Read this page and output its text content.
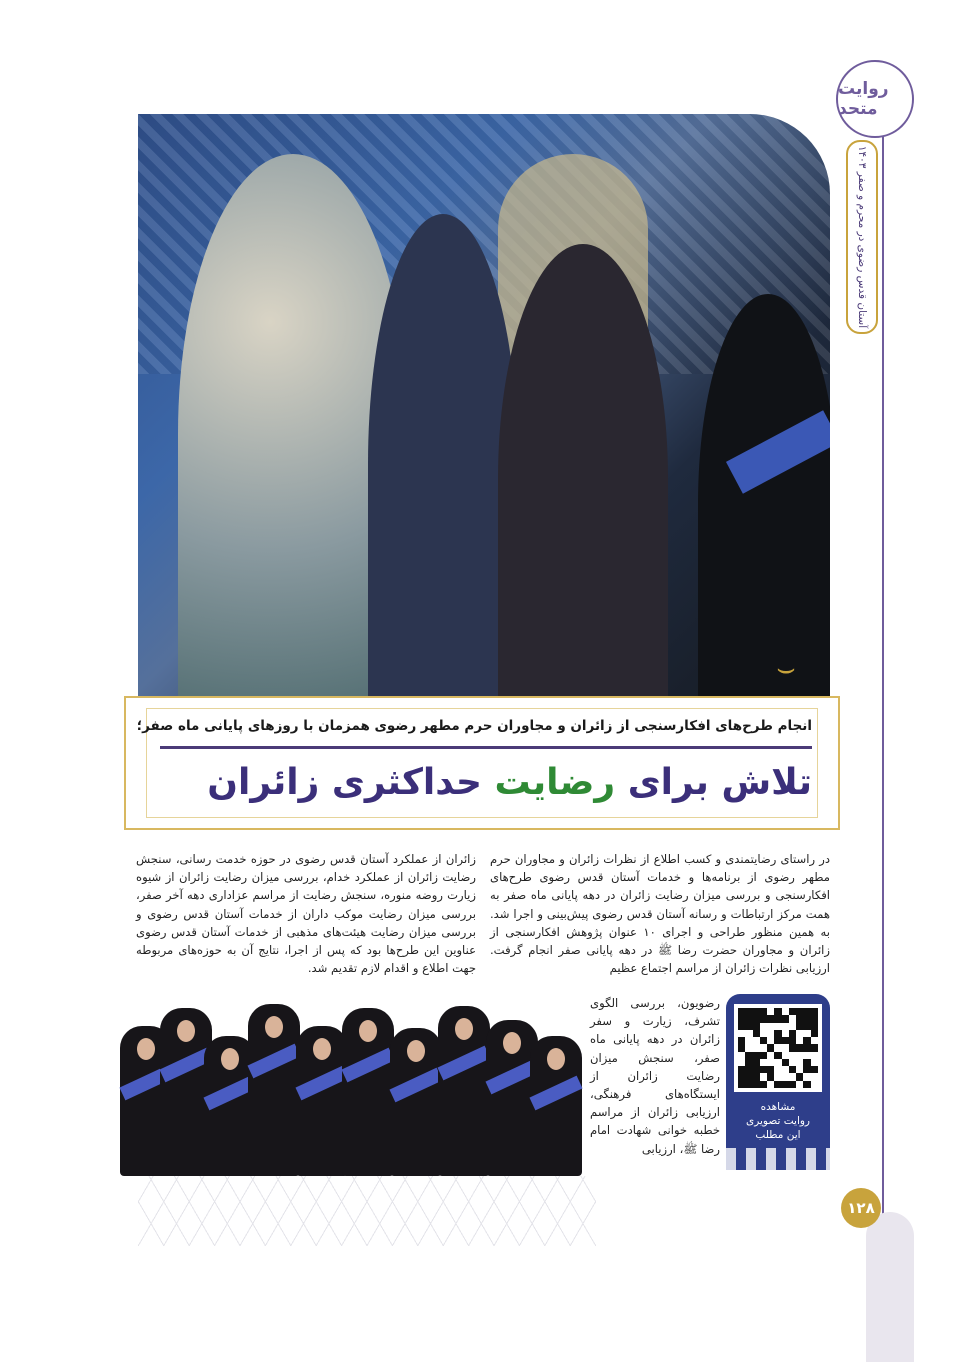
روایت متحد
آستان قدس رضوی در محرم و صفر ۱۴۰۳
۱۲۸
⌣
انجام طرح‌های افکارسنجی از زائران و مجاوران حرم مطهر رضوی همزمان با روزهای پایانی ماه صفر؛
تلاش برای رضایت حداکثری زائران
در راستای رضایتمندی و کسب اطلاع از نظرات زائران و مجاوران حرم مطهر رضوی از برنامه‌ها و خدمات آستان قدس رضوی طرح‌های افکارسنجی و بررسی میزان رضایت زائران در دهه پایانی ماه صفر به همت مرکز ارتباطات و رسانه آستان قدس رضوی پیش‌بینی و اجرا شد. به همین منظور طراحی و اجرای ۱۰ عنوان پژوهش افکارسنجی از زائران و مجاوران حضرت رضا ﷺ در دهه پایانی صفر انجام گرفت. ارزیابی نظرات زائران از مراسم اجتماع عظیم
زائران از عملکرد آستان قدس رضوی در حوزه خدمت رسانی، سنجش رضایت زائران از عملکرد خدام، بررسی میزان رضایت زائران از شیوه زیارت روضه منوره، سنجش رضایت از مراسم عزاداری دهه آخر صفر، بررسی میزان رضایت موکب داران از خدمات آستان قدس رضوی و بررسی میزان رضایت هیئت‌های مذهبی از خدمات آستان قدس رضوی عناوین این طرح‌ها بود که پس از اجرا، نتایج آن به حوزه‌های مربوطه جهت اطلاع و اقدام لازم تقدیم شد.
رضویون، بررسی الگوی تشرف، زیارت و سفر زائران در دهه پایانی ماه صفر، سنجش میزان رضایت زائران از ایستگاه‌های فرهنگی، ارزیابی زائران از مراسم خطبه خوانی شهادت امام رضا ﷺ، ارزیابی
مشاهده
روایت تصویری
این مطلب
